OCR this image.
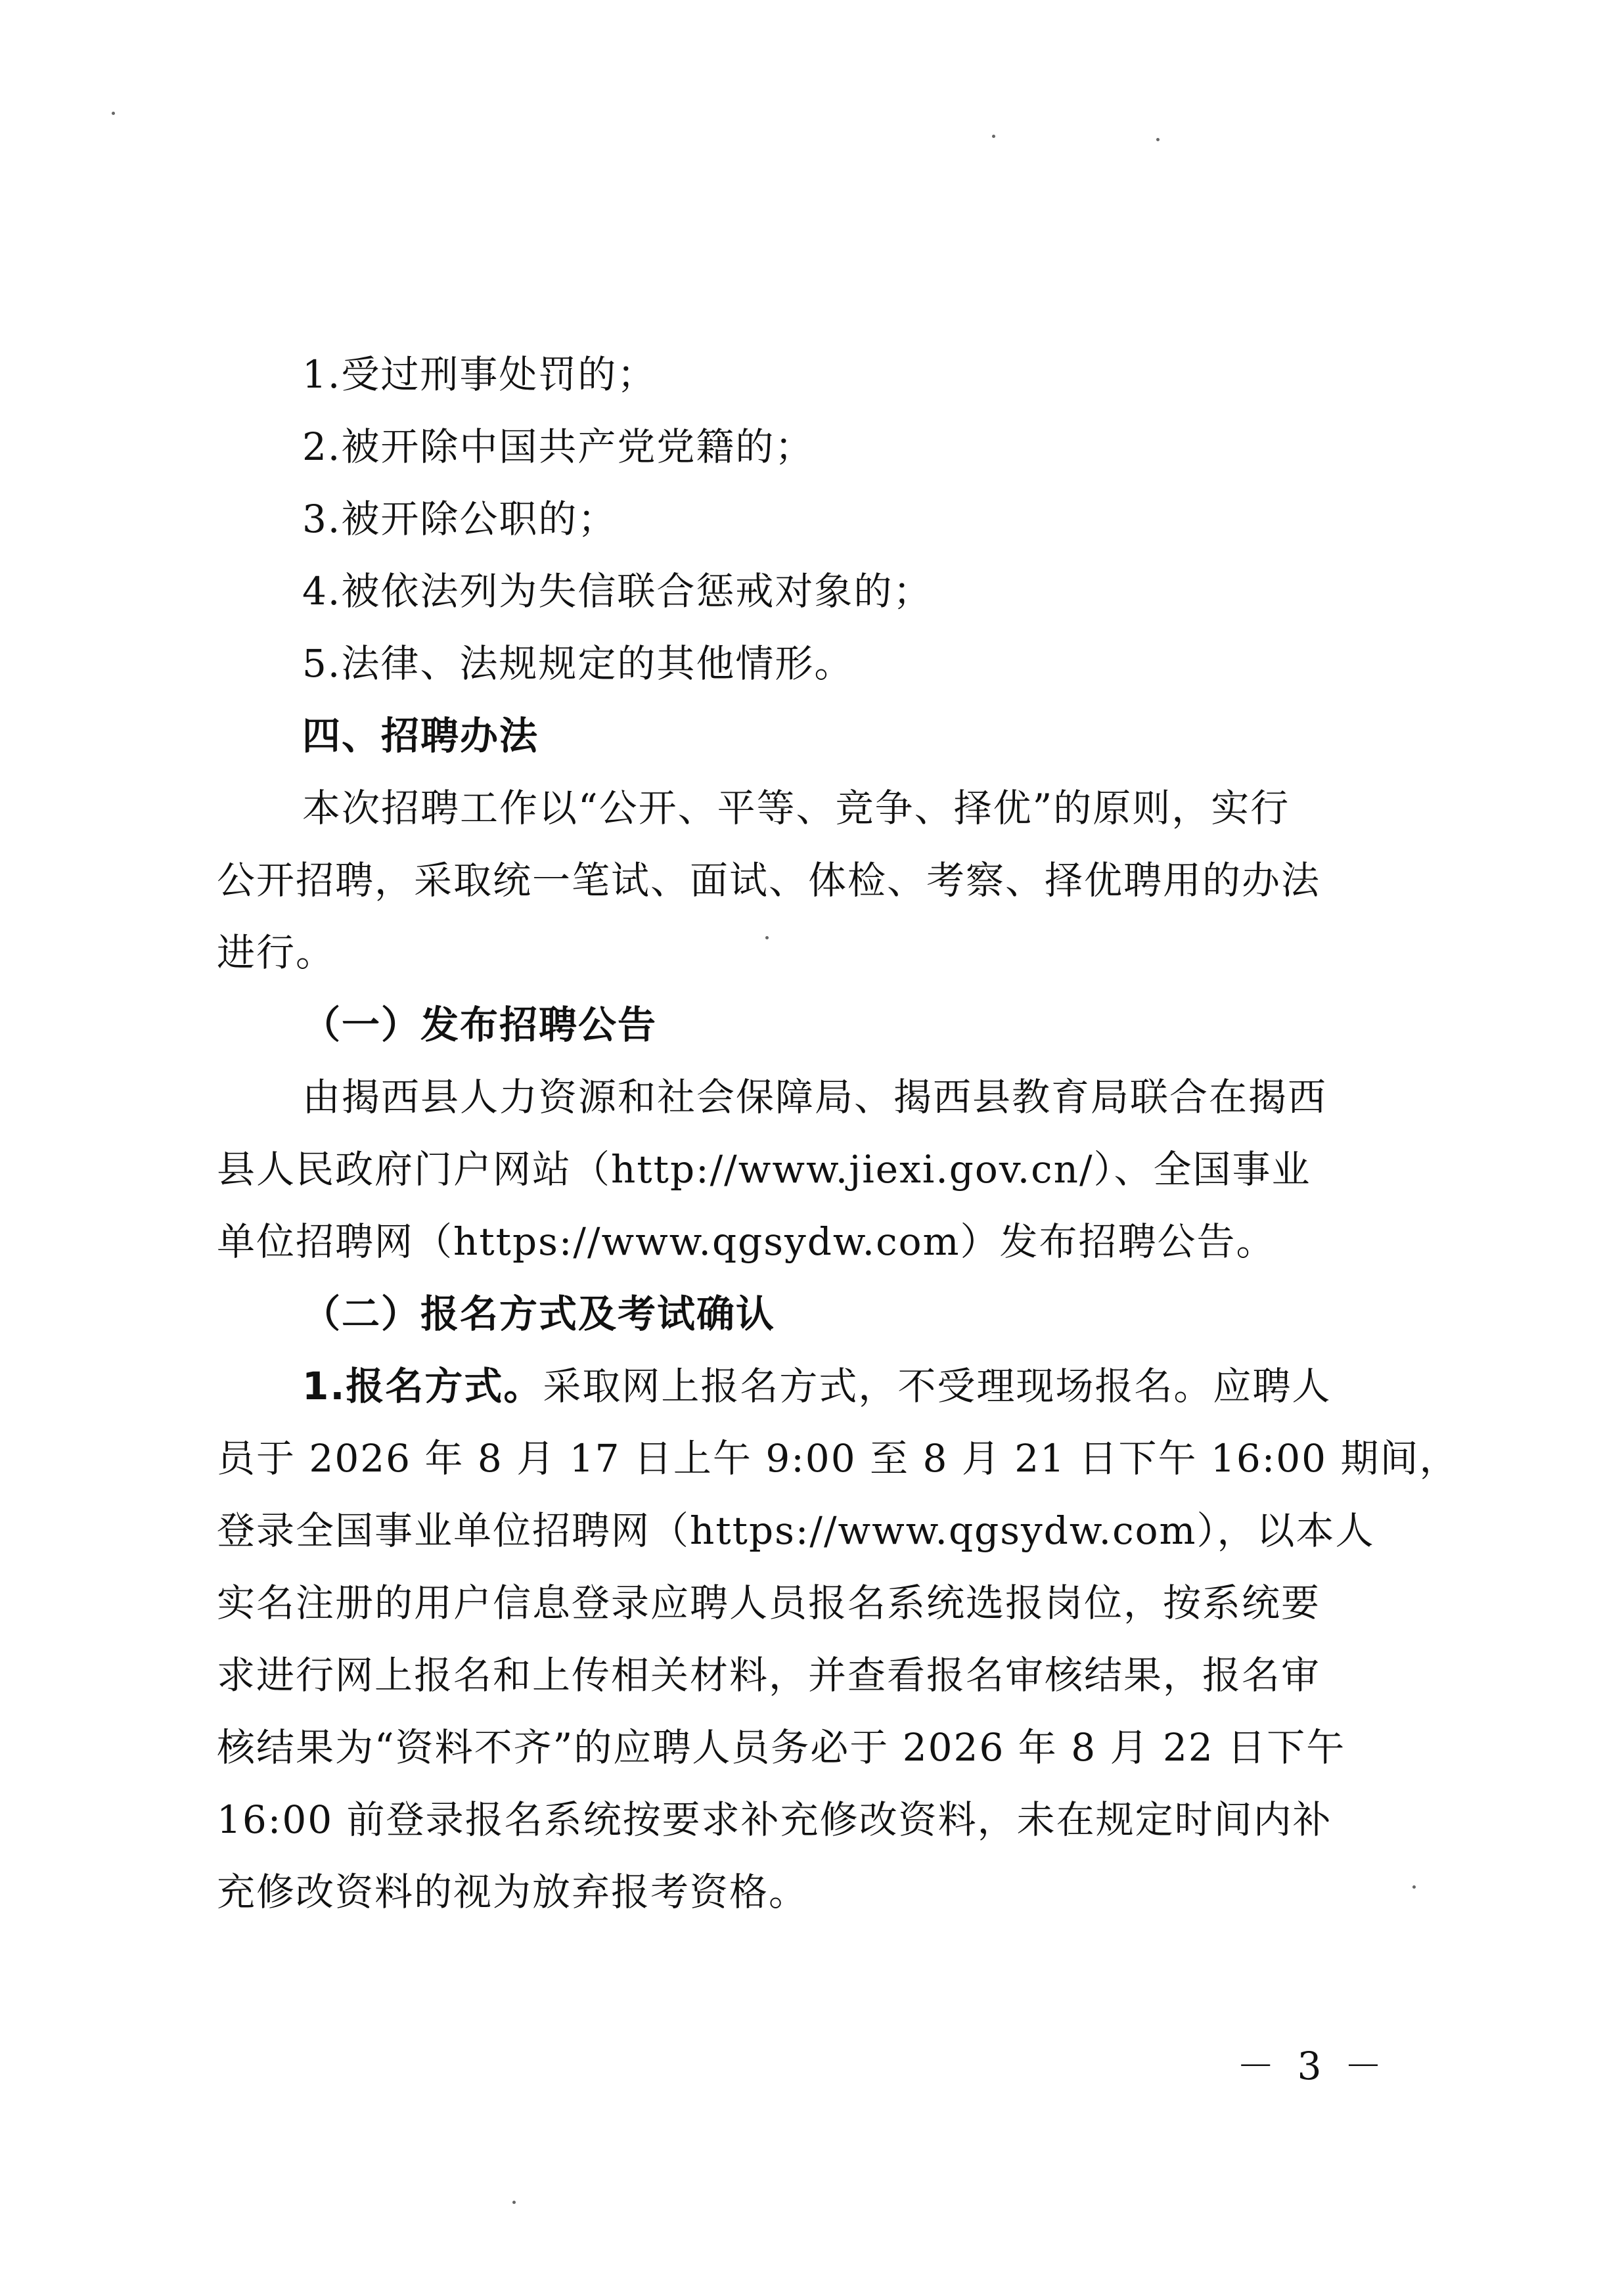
1.受过刑事处罚的；
2.被开除中国共产党党籍的；
3.被开除公职的；
4.被依法列为失信联合惩戒对象的；
5.法律、法规规定的其他情形。
四、招聘办法
本次招聘工作以“公开、平等、竞争、择优”的原则，实行
公开招聘，采取统一笔试、面试、体检、考察、择优聘用的办法
进行。
（一）发布招聘公告
由揭西县人力资源和社会保障局、揭西县教育局联合在揭西
县人民政府门户网站（http://www.jiexi.gov.cn/）、全国事业
单位招聘网（https://www.qgsydw.com）发布招聘公告。
（二）报名方式及考试确认
1.报名方式。采取网上报名方式，不受理现场报名。应聘人
员于 2026 年 8 月 17 日上午 9:00 至 8 月 21 日下午 16:00 期间，
登录全国事业单位招聘网（https://www.qgsydw.com），以本人
实名注册的用户信息登录应聘人员报名系统选报岗位，按系统要
求进行网上报名和上传相关材料，并查看报名审核结果，报名审
核结果为“资料不齐”的应聘人员务必于 2026 年 8 月 22 日下午
16:00 前登录报名系统按要求补充修改资料，未在规定时间内补
充修改资料的视为放弃报考资格。
－ 3 －
